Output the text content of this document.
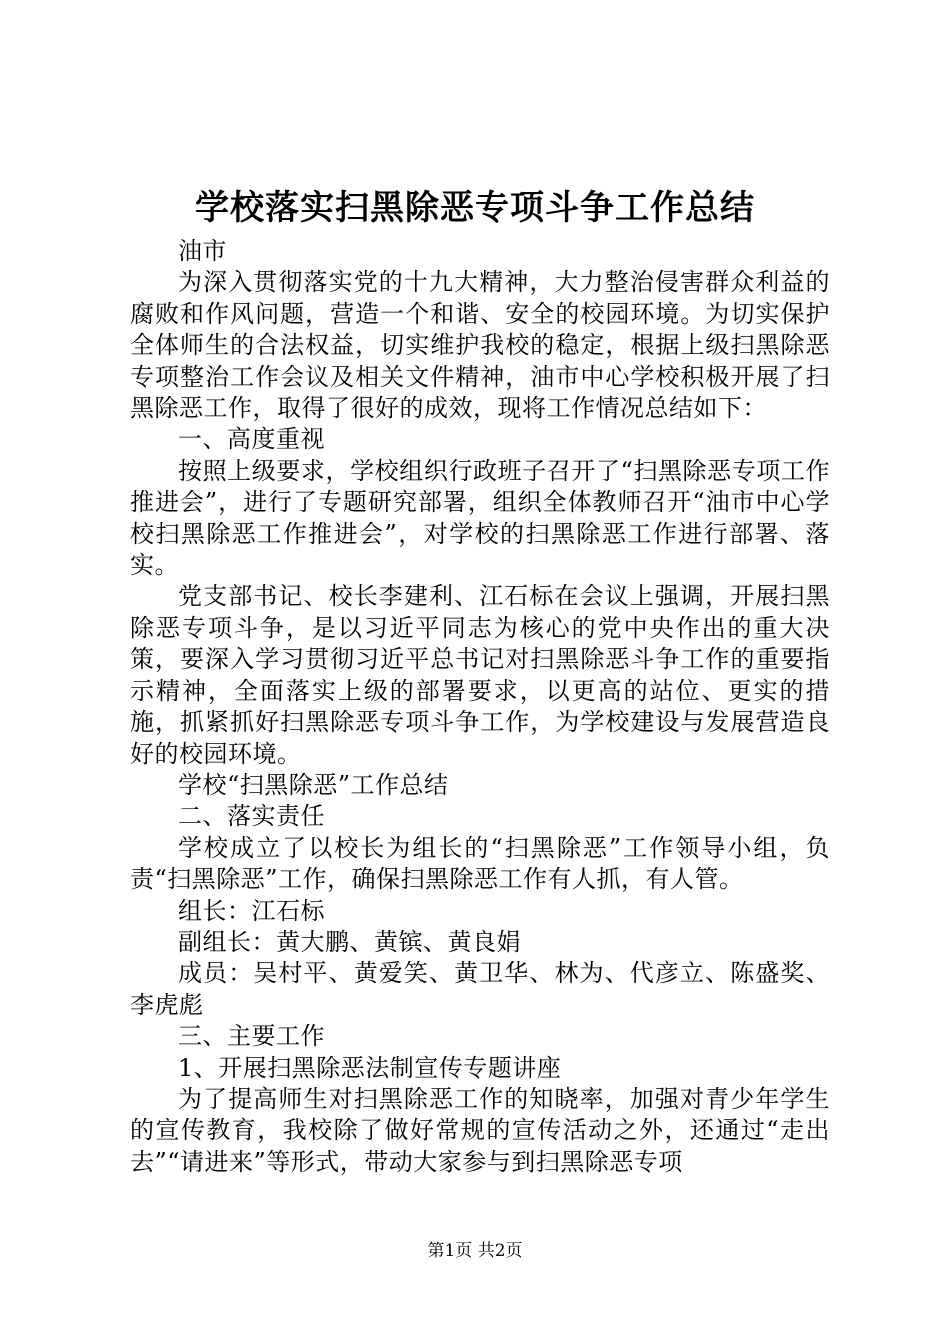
学校落实扫黑除恶专项斗争工作总结

油市

为深入贯彻落实党的十九大精神，大力整治侵害群众利益的腐败和作风问题，营造一个和谐、安全的校园环境。为切实保护全体师生的合法权益，切实维护我校的稳定，根据上级扫黑除恶专项整治工作会议及相关文件精神，油市中心学校积极开展了扫黑除恶工作，取得了很好的成效，现将工作情况总结如下：

一、高度重视

按照上级要求，学校组织行政班子召开了“扫黑除恶专项工作推进会”，进行了专题研究部署，组织全体教师召开“油市中心学校扫黑除恶工作推进会”，对学校的扫黑除恶工作进行部署、落实。

党支部书记、校长李建利、江石标在会议上强调，开展扫黑除恶专项斗争，是以习近平同志为核心的党中央作出的重大决策，要深入学习贯彻习近平总书记对扫黑除恶斗争工作的重要指示精神，全面落实上级的部署要求，以更高的站位、更实的措施，抓紧抓好扫黑除恶专项斗争工作，为学校建设与发展营造良好的校园环境。

学校“扫黑除恶”工作总结

二、落实责任

学校成立了以校长为组长的“扫黑除恶”工作领导小组，负责“扫黑除恶”工作，确保扫黑除恶工作有人抓，有人管。

组长：江石标

副组长：黄大鹏、黄镔、黄良娟

成员：吴村平、黄爱笑、黄卫华、林为、代彦立、陈盛奖、李虎彪

三、主要工作

1、开展扫黑除恶法制宣传专题讲座

为了提高师生对扫黑除恶工作的知晓率，加强对青少年学生的宣传教育，我校除了做好常规的宣传活动之外，还通过“走出去”“请进来”等形式，带动大家参与到扫黑除恶专项

第1页 共2页
